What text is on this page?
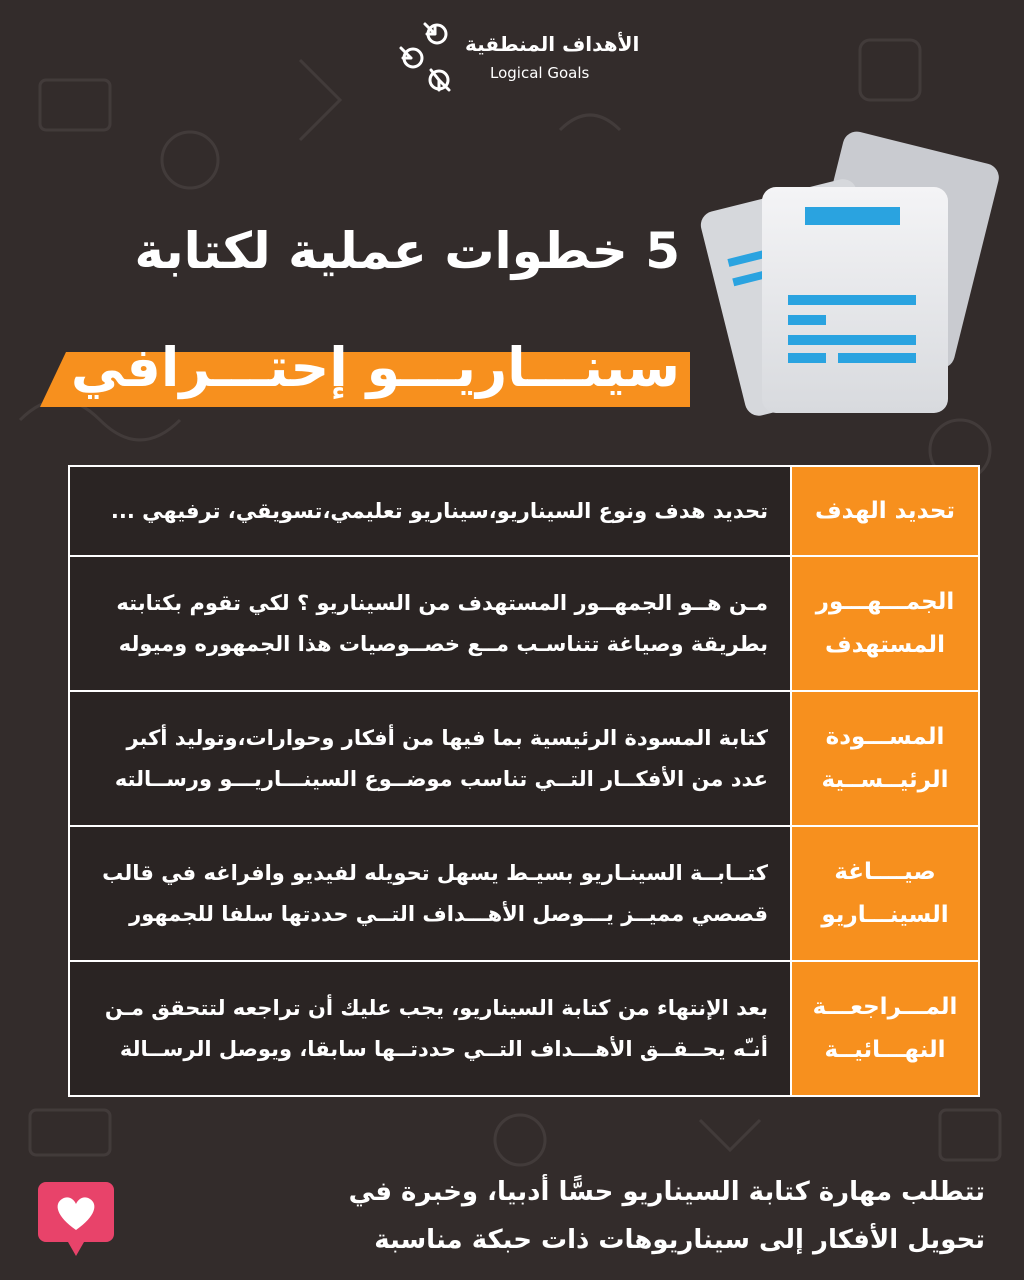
الأهداف المنطقية
Logical Goals
5 خطوات عملية لكتابة
سينـــاريـــو إحتـــرافي
تحديد الهدف
تحديد هدف ونوع السيناريو،سيناريو تعليمي،تسويقي، ترفيهي ...
الجمـــهـــور المستهدف
مـن هــو الجمهــور المستهدف من السيناريو ؟ لكي تقوم بكتابته بطريقة وصياغة تتناسـب مــع خصــوصيات هذا الجمهوره وميوله
المســـودة الرئيــســية
كتابة المسودة الرئيسية بما فيها من أفكار وحوارات،وتوليد أكبر عدد من الأفكــار التــي تناسب موضــوع السينـــاريـــو ورســالته
صيــــاغة السينـــاريو
كتــابــة السينـاريو بسيـط يسهل تحويله لفيديو وافراغه في قالب قصصي مميــز يـــوصل الأهـــداف التــي حددتها سلفا للجمهور
المـــراجعـــة النهـــائيــة
بعد الإنتهاء من كتابة السيناريو، يجب عليك أن تراجعه لتتحقق مـن أنـّه يحــقــق الأهـــداف التــي حددتــها سابقا، ويوصل الرســالة
تتطلب مهارة كتابة السيناريو حسًّا أدبيا، وخبرة في
تحويل الأفكار إلى سيناريوهات ذات حبكة مناسبة
